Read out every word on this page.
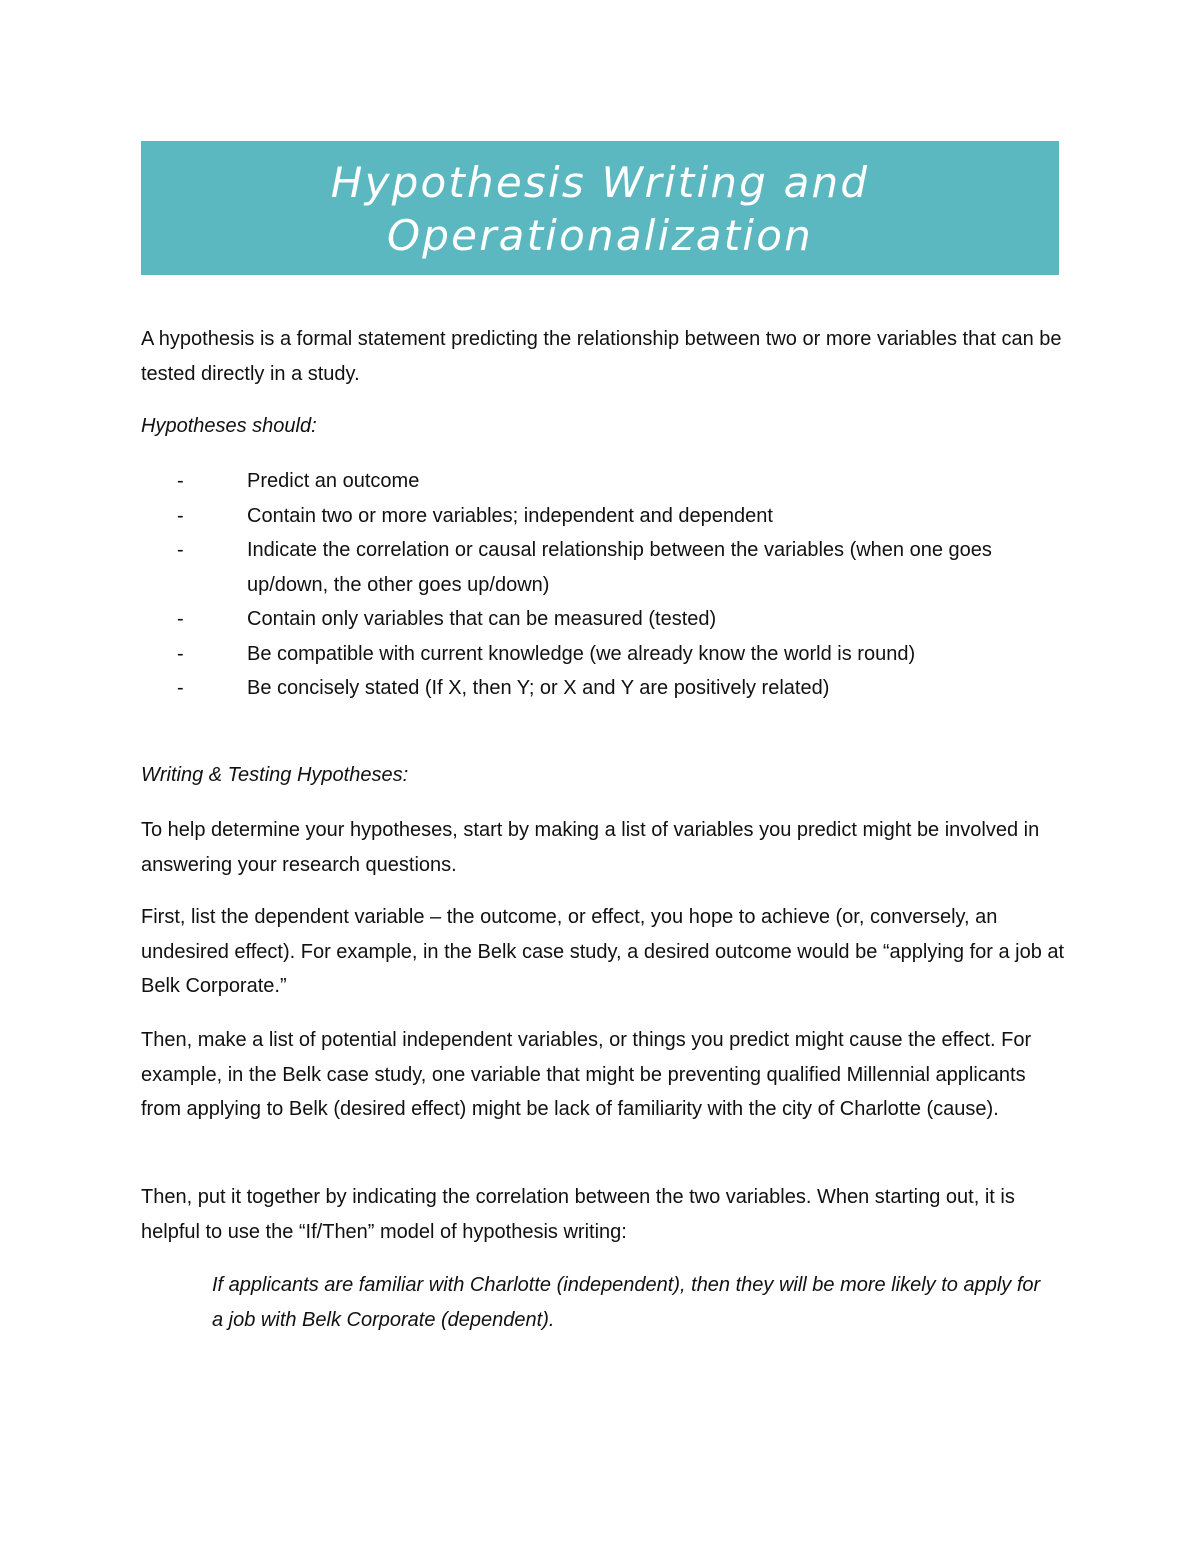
Hypothesis Writing and Operationalization

A hypothesis is a formal statement predicting the relationship between two or more variables that can be tested directly in a study.

Hypotheses should:

-	Predict an outcome
-	Contain two or more variables; independent and dependent
-	Indicate the correlation or causal relationship between the variables (when one goes up/down, the other goes up/down)
-	Contain only variables that can be measured (tested)
-	Be compatible with current knowledge (we already know the world is round)
-	Be concisely stated (If X, then Y; or X and Y are positively related)

Writing & Testing Hypotheses:

To help determine your hypotheses, start by making a list of variables you predict might be involved in answering your research questions.

First, list the dependent variable – the outcome, or effect, you hope to achieve (or, conversely, an undesired effect). For example, in the Belk case study, a desired outcome would be “applying for a job at Belk Corporate.”

Then, make a list of potential independent variables, or things you predict might cause the effect. For example, in the Belk case study, one variable that might be preventing qualified Millennial applicants from applying to Belk (desired effect) might be lack of familiarity with the city of Charlotte (cause).

Then, put it together by indicating the correlation between the two variables. When starting out, it is helpful to use the “If/Then” model of hypothesis writing:

If applicants are familiar with Charlotte (independent), then they will be more likely to apply for a job with Belk Corporate (dependent).
